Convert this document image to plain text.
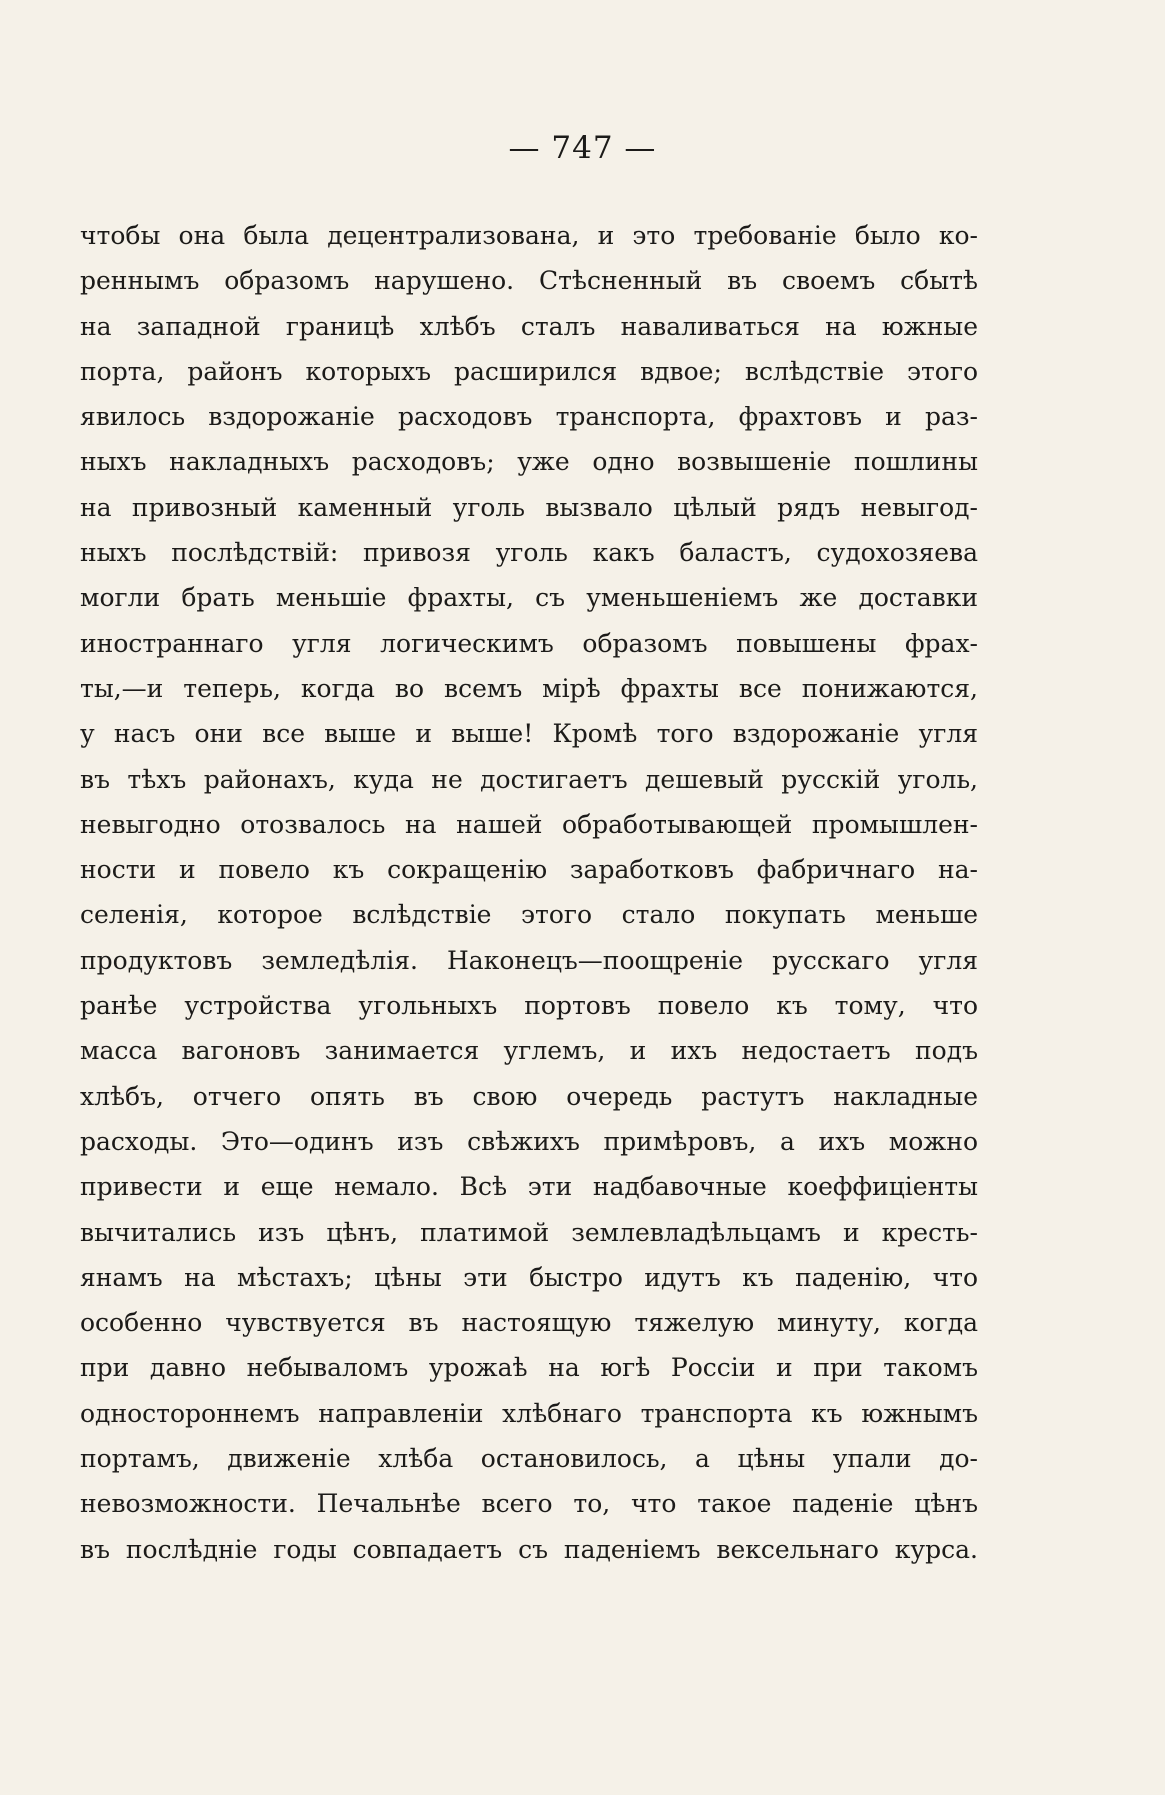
— 747 —
чтобы она была децентрализована, и это требованіе было ко-
реннымъ образомъ нарушено. Стѣсненный въ своемъ сбытѣ
на западной границѣ хлѣбъ сталъ наваливаться на южные
порта, районъ которыхъ расширился вдвое; вслѣдствіе этого
явилось вздорожаніе расходовъ транспорта, фрахтовъ и раз-
ныхъ накладныхъ расходовъ; уже одно возвышеніе пошлины
на привозный каменный уголь вызвало цѣлый рядъ невыгод-
ныхъ послѣдствій: привозя уголь какъ баластъ, судохозяева
могли брать меньшіе фрахты, съ уменьшеніемъ же доставки
иностраннаго угля логическимъ образомъ повышены фрах-
ты,—и теперь, когда во всемъ мірѣ фрахты все понижаются,
у насъ они все выше и выше! Кромѣ того вздорожаніе угля
въ тѣхъ районахъ, куда не достигаетъ дешевый русскій уголь,
невыгодно отозвалось на нашей обработывающей промышлен-
ности и повело къ сокращенію заработковъ фабричнаго на-
селенія, которое вслѣдствіе этого стало покупать меньше
продуктовъ земледѣлія. Наконецъ—поощреніе русскаго угля
ранѣе устройства угольныхъ портовъ повело къ тому, что
масса вагоновъ занимается углемъ, и ихъ недостаетъ подъ
хлѣбъ, отчего опять въ свою очередь растутъ накладные
расходы. Это—одинъ изъ свѣжихъ примѣровъ, а ихъ можно
привести и еще немало. Всѣ эти надбавочные коеффиціенты
вычитались изъ цѣнъ, платимой землевладѣльцамъ и кресть-
янамъ на мѣстахъ; цѣны эти быстро идутъ къ паденію, что
особенно чувствуется въ настоящую тяжелую минуту, когда
при давно небываломъ урожаѣ на югѣ Россіи и при такомъ
одностороннемъ направленіи хлѣбнаго транспорта къ южнымъ
портамъ, движеніе хлѣба остановилось, а цѣны упали до-
невозможности. Печальнѣе всего то, что такое паденіе цѣнъ
въ послѣдніе годы совпадаетъ съ паденіемъ вексельнаго курса.
